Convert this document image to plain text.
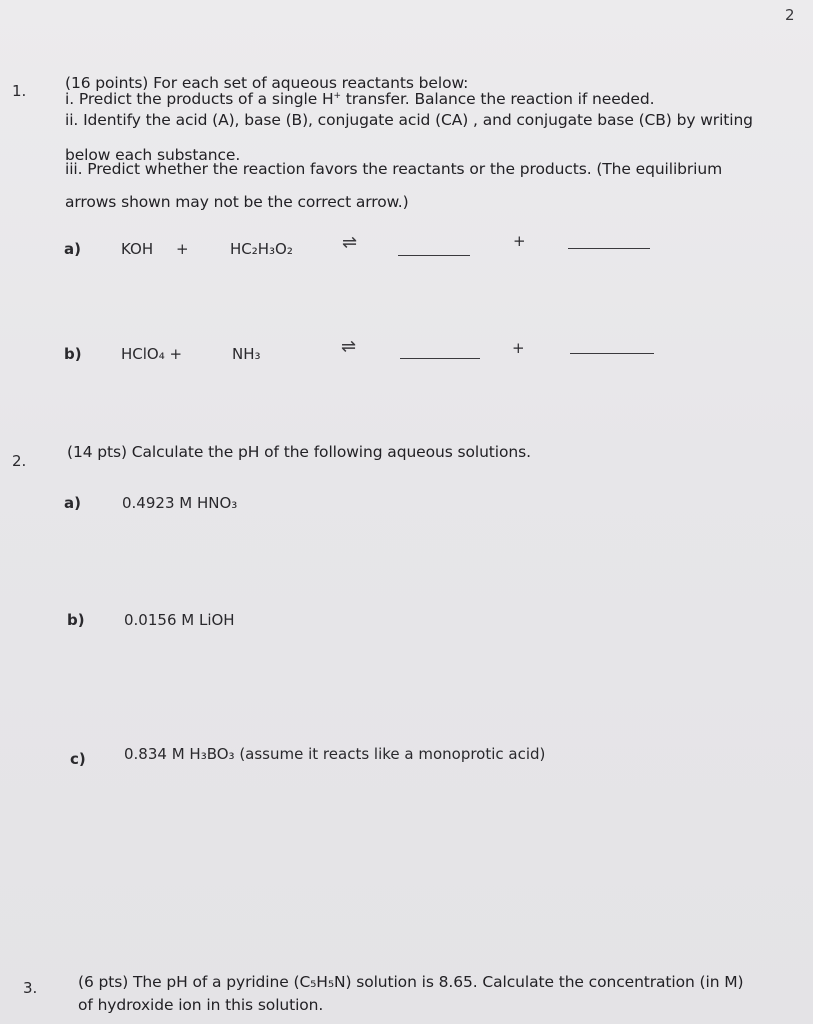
2
1. (16 points) For each set of aqueous reactants below:
i. Predict the products of a single H+ transfer. Balance the reaction if needed.
ii. Identify the acid (A), base (B), conjugate acid (CA) , and conjugate base (CB) by writing
below each substance.
iii. Predict whether the reaction favors the reactants or the products. (The equilibrium
arrows shown may not be the correct arrow.)
a)	KOH +	HC₂H₃O₂	⇌	+
b)	HClO₄ +	NH₃	⇌	+
2.	(14 pts) Calculate the pH of the following aqueous solutions.
a)	0.4923 M HNO₃
b)	0.0156 M LiOH
c)	0.834 M H₃BO₃ (assume it reacts like a monoprotic acid)
3.	(6 pts) The pH of a pyridine (C₅H₅N) solution is 8.65. Calculate the concentration (in M)
of hydroxide ion in this solution.
